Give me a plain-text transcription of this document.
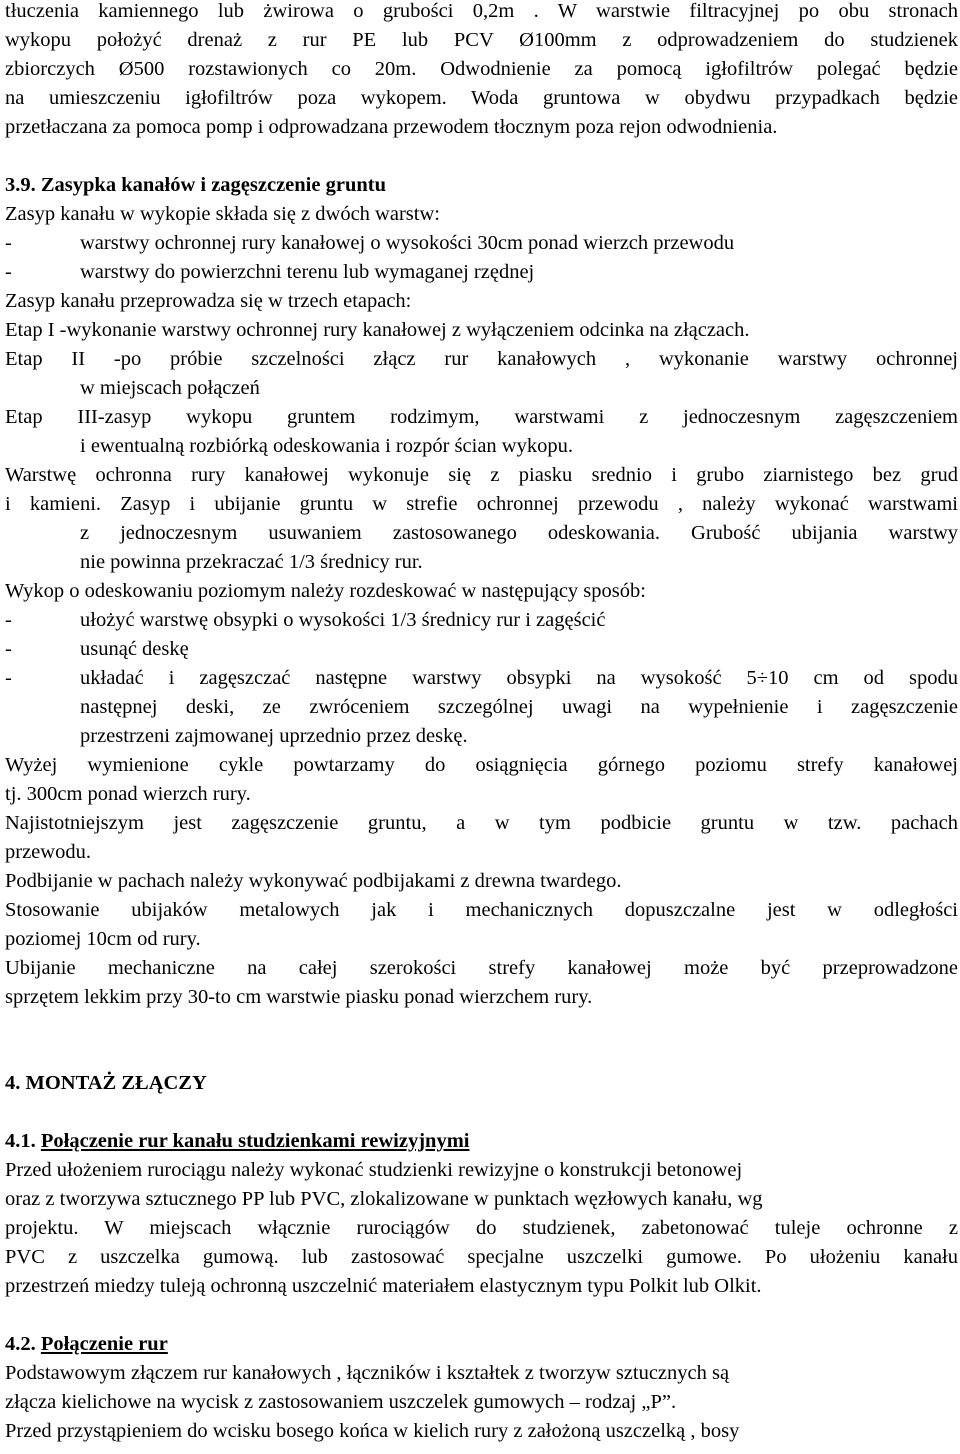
tłuczenia kamiennego lub żwirowa o grubości 0,2m . W warstwie filtracyjnej po obu stronach

wykopu położyć drenaż z rur PE lub PCV Ø100mm z odprowadzeniem do studzienek

zbiorczych Ø500 rozstawionych co 20m. Odwodnienie za pomocą igłofiltrów polegać będzie

na umieszczeniu igłofiltrów poza wykopem. Woda gruntowa w obydwu przypadkach będzie

przetłaczana za pomoca pomp i odprowadzana przewodem tłocznym poza rejon odwodnienia.

3.9. Zasypka kanałów i zagęszczenie gruntu

Zasyp kanału w wykopie składa się z dwóch warstw:

-	warstwy ochronnej rury kanałowej o wysokości 30cm ponad wierzch przewodu
-	warstwy do powierzchni terenu lub wymaganej rzędnej

Zasyp kanału przeprowadza się w trzech etapach:

Etap I -wykonanie warstwy ochronnej rury kanałowej z wyłączeniem odcinka na złączach.

Etap II -po próbie szczelności złącz rur kanałowych , wykonanie warstwy ochronnej

w miejscach połączeń

Etap III-zasyp wykopu gruntem rodzimym, warstwami z jednoczesnym zagęszczeniem

i ewentualną rozbiórką odeskowania i rozpór ścian wykopu.

Warstwę ochronna rury kanałowej wykonuje się z piasku srednio i grubo ziarnistego bez grud

i kamieni. Zasyp i ubijanie gruntu w strefie ochronnej przewodu , należy wykonać warstwami

z jednoczesnym usuwaniem zastosowanego odeskowania. Grubość ubijania warstwy

nie powinna przekraczać 1/3 średnicy rur.

Wykop o odeskowaniu poziomym należy rozdeskować w następujący sposób:

-	ułożyć warstwę obsypki o wysokości 1/3 średnicy rur i zagęścić
-	usunąć deskę
-	układać i zagęszczać następne warstwy obsypki na wysokość 5÷10 cm od spodu

następnej deski, ze zwróceniem szczególnej uwagi na wypełnienie i zagęszczenie

przestrzeni zajmowanej uprzednio przez deskę.

Wyżej wymienione cykle powtarzamy do osiągnięcia górnego poziomu strefy kanałowej

tj. 300cm ponad wierzch rury.

Najistotniejszym jest zagęszczenie gruntu, a w tym podbicie gruntu w tzw. pachach

przewodu.

Podbijanie w pachach należy wykonywać podbijakami z drewna twardego.

Stosowanie ubijaków metalowych jak i mechanicznych dopuszczalne jest w odległości

poziomej 10cm od rury.

Ubijanie mechaniczne na całej szerokości strefy kanałowej może być przeprowadzone

sprzętem lekkim przy 30-to cm warstwie piasku ponad wierzchem rury.

4. MONTAŻ ZŁĄCZY

4.1. Połączenie rur kanału studzienkami rewizyjnymi

Przed ułożeniem rurociągu należy wykonać studzienki rewizyjne o konstrukcji betonowej

oraz z tworzywa sztucznego PP lub PVC, zlokalizowane w punktach węzłowych kanału, wg

projektu. W miejscach włącznie rurociągów do studzienek, zabetonować tuleje ochronne z

PVC z uszczelka gumową. lub zastosować specjalne uszczelki gumowe. Po ułożeniu kanału

przestrzeń miedzy tuleją ochronną uszczelnić materiałem elastycznym typu Polkit lub Olkit.

4.2. Połączenie rur

Podstawowym złączem rur kanałowych , łączników i kształtek z tworzyw sztucznych są

złącza kielichowe na wycisk z zastosowaniem uszczelek gumowych – rodzaj „P”.

Przed przystąpieniem do wcisku bosego końca w kielich rury z założoną uszczelką , bosy
